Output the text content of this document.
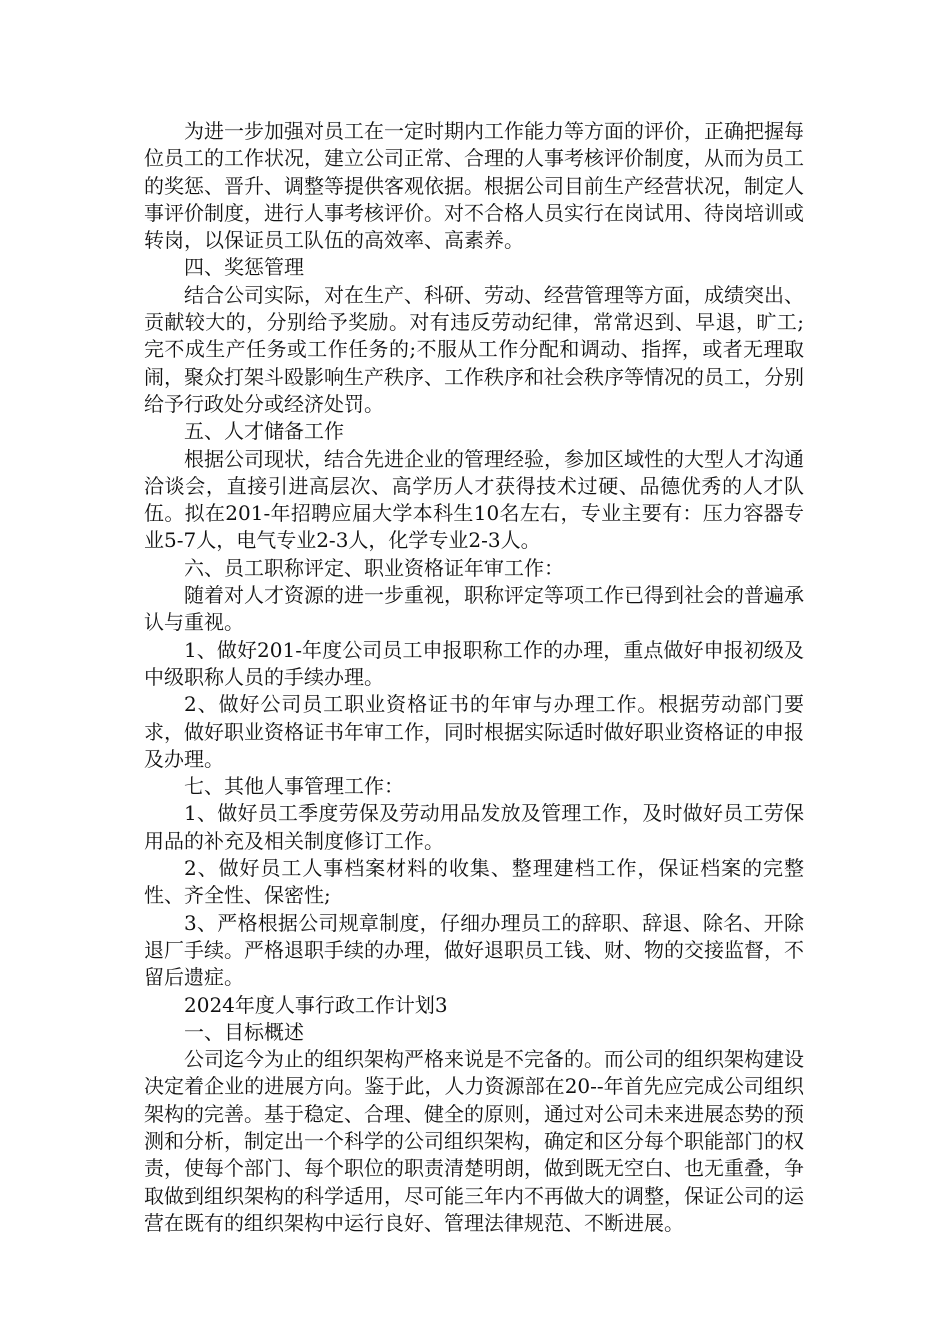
为进一步加强对员工在一定时期内工作能力等方面的评价，正确把握每位员工的工作状况，建立公司正常、合理的人事考核评价制度，从而为员工的奖惩、晋升、调整等提供客观依据。根据公司目前生产经营状况，制定人事评价制度，进行人事考核评价。对不合格人员实行在岗试用、待岗培训或转岗，以保证员工队伍的高效率、高素养。

四、奖惩管理

结合公司实际，对在生产、科研、劳动、经营管理等方面，成绩突出、贡献较大的，分别给予奖励。对有违反劳动纪律，常常迟到、早退，旷工;完不成生产任务或工作任务的;不服从工作分配和调动、指挥，或者无理取闹，聚众打架斗殴影响生产秩序、工作秩序和社会秩序等情况的员工，分别给予行政处分或经济处罚。

五、人才储备工作

根据公司现状，结合先进企业的管理经验，参加区域性的大型人才沟通洽谈会，直接引进高层次、高学历人才获得技术过硬、品德优秀的人才队伍。拟在201-年招聘应届大学本科生10名左右，专业主要有：压力容器专业5-7人，电气专业2-3人，化学专业2-3人。

六、员工职称评定、职业资格证年审工作：

随着对人才资源的进一步重视，职称评定等项工作已得到社会的普遍承认与重视。

1、做好201-年度公司员工申报职称工作的办理，重点做好申报初级及中级职称人员的手续办理。

2、做好公司员工职业资格证书的年审与办理工作。根据劳动部门要求，做好职业资格证书年审工作，同时根据实际适时做好职业资格证的申报及办理。

七、其他人事管理工作：

1、做好员工季度劳保及劳动用品发放及管理工作，及时做好员工劳保用品的补充及相关制度修订工作。

2、做好员工人事档案材料的收集、整理建档工作，保证档案的完整性、齐全性、保密性;

3、严格根据公司规章制度，仔细办理员工的辞职、辞退、除名、开除退厂手续。严格退职手续的办理，做好退职员工钱、财、物的交接监督，不留后遗症。

2024年度人事行政工作计划3

一、目标概述

公司迄今为止的组织架构严格来说是不完备的。而公司的组织架构建设决定着企业的进展方向。鉴于此，人力资源部在20--年首先应完成公司组织架构的完善。基于稳定、合理、健全的原则，通过对公司未来进展态势的预测和分析，制定出一个科学的公司组织架构，确定和区分每个职能部门的权责，使每个部门、每个职位的职责清楚明朗，做到既无空白、也无重叠，争取做到组织架构的科学适用，尽可能三年内不再做大的调整，保证公司的运营在既有的组织架构中运行良好、管理法律规范、不断进展。
